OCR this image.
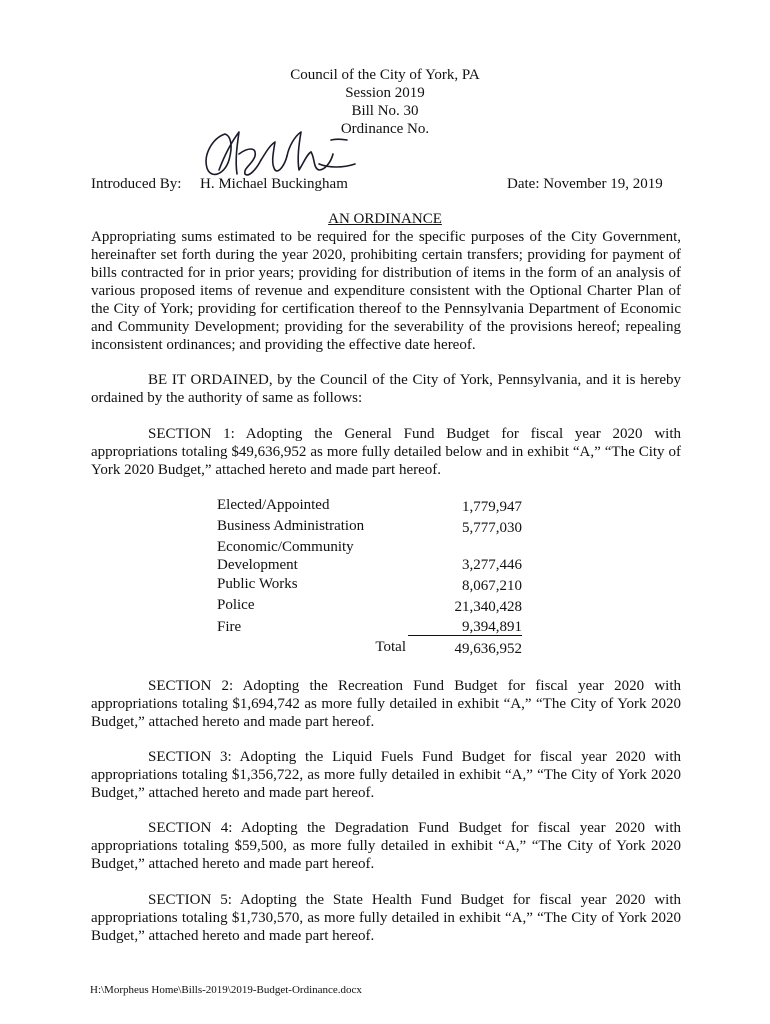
Council of the City of York, PA
Session 2019
Bill No. 30
Ordinance No.
Introduced By: H. Michael Buckingham	Date: November 19, 2019
AN ORDINANCE
Appropriating sums estimated to be required for the specific purposes of the City Government, hereinafter set forth during the year 2020, prohibiting certain transfers; providing for payment of bills contracted for in prior years; providing for distribution of items in the form of an analysis of various proposed items of revenue and expenditure consistent with the Optional Charter Plan of the City of York; providing for certification thereof to the Pennsylvania Department of Economic and Community Development; providing for the severability of the provisions hereof; repealing inconsistent ordinances; and providing the effective date hereof.
BE IT ORDAINED, by the Council of the City of York, Pennsylvania, and it is hereby ordained by the authority of same as follows:
SECTION 1: Adopting the General Fund Budget for fiscal year 2020 with appropriations totaling $49,636,952 as more fully detailed below and in exhibit “A,” “The City of York 2020 Budget,” attached hereto and made part hereof.
Elected/Appointed	1,779,947
Business Administration	5,777,030
Economic/Community
Development	3,277,446
Public Works	8,067,210
Police	21,340,428
Fire	9,394,891
Total	49,636,952
SECTION 2: Adopting the Recreation Fund Budget for fiscal year 2020 with appropriations totaling $1,694,742 as more fully detailed in exhibit “A,” “The City of York 2020 Budget,” attached hereto and made part hereof.
SECTION 3: Adopting the Liquid Fuels Fund Budget for fiscal year 2020 with appropriations totaling $1,356,722, as more fully detailed in exhibit “A,” “The City of York 2020 Budget,” attached hereto and made part hereof.
SECTION 4: Adopting the Degradation Fund Budget for fiscal year 2020 with appropriations totaling $59,500, as more fully detailed in exhibit “A,” “The City of York 2020 Budget,” attached hereto and made part hereof.
SECTION 5: Adopting the State Health Fund Budget for fiscal year 2020 with appropriations totaling $1,730,570, as more fully detailed in exhibit “A,” “The City of York 2020 Budget,” attached hereto and made part hereof.
H:\Morpheus Home\Bills-2019\2019-Budget-Ordinance.docx
